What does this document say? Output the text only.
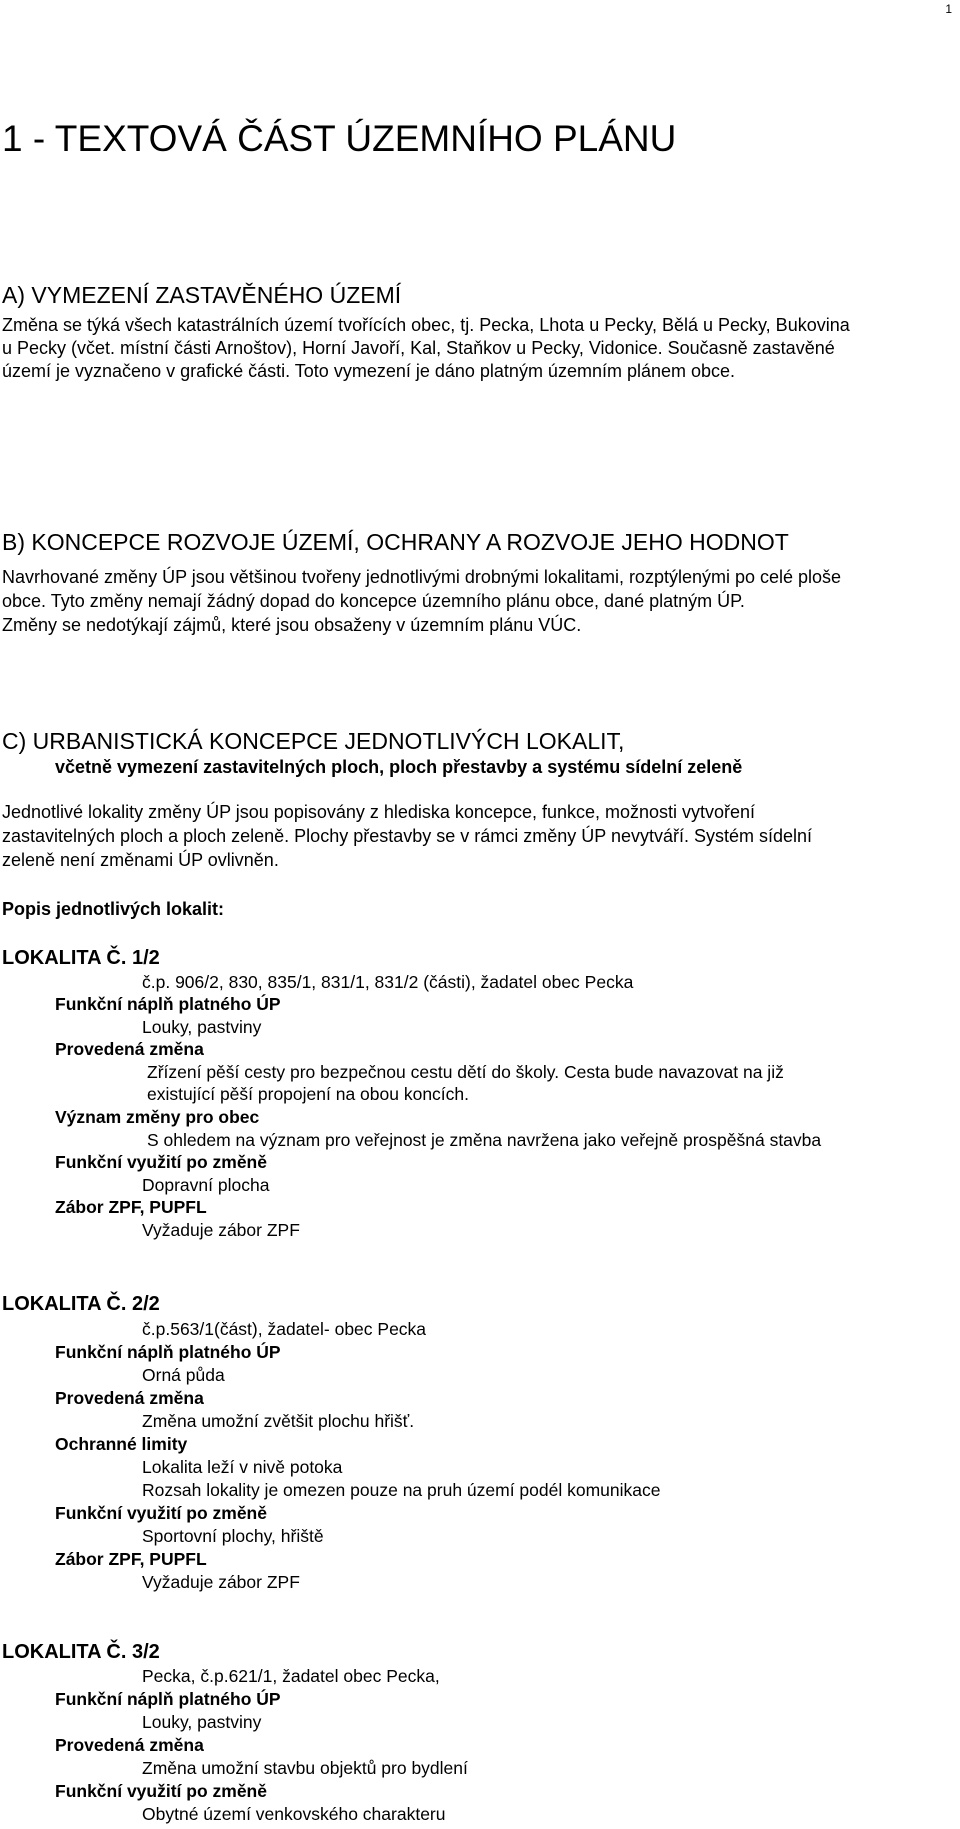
1
1 - TEXTOVÁ ČÁST ÚZEMNÍHO PLÁNU
A) VYMEZENÍ ZASTAVĚNÉHO ÚZEMÍ

Změna se týká všech katastrálních území tvořících obec, tj. Pecka, Lhota u Pecky, Bělá u Pecky, Bukovina

u Pecky (včet. místní části Arnoštov), Horní Javoří, Kal, Staňkov u Pecky, Vidonice. Současně zastavěné

území je vyznačeno v grafické části. Toto vymezení je dáno platným územním plánem obce.

B) KONCEPCE ROZVOJE ÚZEMÍ, OCHRANY A ROZVOJE JEHO HODNOT

Navrhované změny ÚP jsou většinou tvořeny jednotlivými drobnými lokalitami, rozptýlenými po celé ploše

obce. Tyto změny nemají žádný dopad do koncepce územního plánu obce, dané platným ÚP.

Změny se nedotýkají zájmů, které jsou obsaženy v územním plánu VÚC.

C) URBANISTICKÁ KONCEPCE JEDNOTLIVÝCH LOKALIT,

včetně vymezení zastavitelných ploch, ploch přestavby a systému sídelní zeleně

Jednotlivé lokality změny ÚP jsou popisovány z hlediska koncepce, funkce, možnosti vytvoření

zastavitelných ploch a ploch zeleně. Plochy přestavby se v rámci změny ÚP nevytváří. Systém sídelní

zeleně není změnami ÚP ovlivněn.

Popis jednotlivých lokalit:

LOKALITA Č. 1/2

č.p. 906/2, 830, 835/1, 831/1, 831/2 (části), žadatel obec Pecka

Funkční náplň platného ÚP

Louky, pastviny

Provedená změna

Zřízení pěší cesty pro bezpečnou cestu dětí do školy. Cesta bude navazovat na již

existující pěší propojení na obou koncích.

Význam změny pro obec

S ohledem na význam pro veřejnost je změna navržena jako veřejně prospěšná stavba

Funkční využití po změně

Dopravní plocha

Zábor ZPF, PUPFL

Vyžaduje zábor ZPF

LOKALITA Č. 2/2

č.p.563/1(část), žadatel- obec Pecka

Funkční náplň platného ÚP

Orná půda

Provedená změna

Změna umožní zvětšit plochu hřišť.

Ochranné limity

Lokalita leží v nivě potoka

Rozsah lokality je omezen pouze na pruh území podél komunikace

Funkční využití po změně

Sportovní plochy, hřiště

Zábor ZPF, PUPFL

Vyžaduje zábor ZPF

LOKALITA Č. 3/2

Pecka, č.p.621/1, žadatel obec Pecka,

Funkční náplň platného ÚP

Louky, pastviny

Provedená změna

Změna umožní stavbu objektů pro bydlení

Funkční využití po změně

Obytné území venkovského charakteru
